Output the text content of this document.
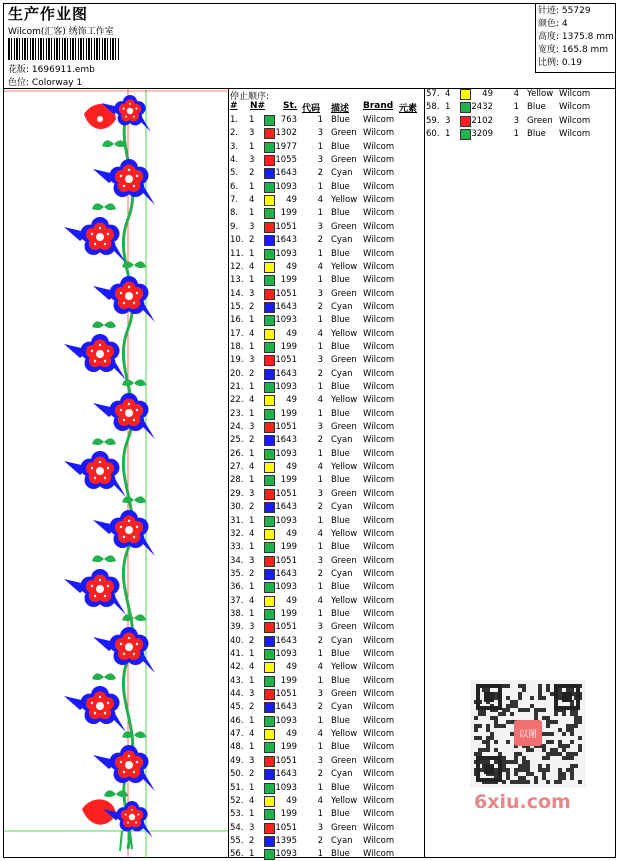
生产作业图
Wilcom(汇客) 绣饰工作室
花版: 1696911.emb
色位: Colorway 1
针迹: 55729
颜色: 4
高度: 1375.8 mm
宽度: 165.8 mm
比例: 0.19
停止顺序:
# N# St. 代码 描述 Brand 元素
1. 1	763	1 Blue Wilcom
2. 3 1302	3 Green Wilcom
3. 1 1977	1 Blue Wilcom
4. 3 1055	3 Green Wilcom
5. 2 1643	2 Cyan Wilcom
6. 1 1093	1 Blue Wilcom
7. 4	49	4 Yellow Wilcom
8. 1	199	1 Blue Wilcom
9. 3 1051	3 Green Wilcom
10. 2 1643	2 Cyan Wilcom
11. 1 1093	1 Blue Wilcom
12. 4	49	4 Yellow Wilcom
13. 1	199	1 Blue Wilcom
14. 3 1051	3 Green Wilcom
15. 2 1643	2 Cyan Wilcom
16. 1 1093	1 Blue Wilcom
17. 4	49	4 Yellow Wilcom
18. 1	199	1 Blue Wilcom
19. 3 1051	3 Green Wilcom
20. 2 1643	2 Cyan Wilcom
21. 1 1093	1 Blue Wilcom
22. 4	49	4 Yellow Wilcom
23. 1	199	1 Blue Wilcom
24. 3 1051	3 Green Wilcom
25. 2 1643	2 Cyan Wilcom
26. 1 1093	1 Blue Wilcom
27. 4	49	4 Yellow Wilcom
28. 1	199	1 Blue Wilcom
29. 3 1051	3 Green Wilcom
30. 2 1643	2 Cyan Wilcom
31. 1 1093	1 Blue Wilcom
32. 4	49	4 Yellow Wilcom
33. 1	199	1 Blue Wilcom
34. 3 1051	3 Green Wilcom
35. 2 1643	2 Cyan Wilcom
36. 1 1093	1 Blue Wilcom
37. 4	49	4 Yellow Wilcom
38. 1	199	1 Blue Wilcom
39. 3 1051	3 Green Wilcom
40. 2 1643	2 Cyan Wilcom
41. 1 1093	1 Blue Wilcom
42. 4	49	4 Yellow Wilcom
43. 1	199	1 Blue Wilcom
44. 3 1051	3 Green Wilcom
45. 2 1643	2 Cyan Wilcom
46. 1 1093	1 Blue Wilcom
47. 4	49	4 Yellow Wilcom
48. 1	199	1 Blue Wilcom
49. 3 1051	3 Green Wilcom
50. 2 1643	2 Cyan Wilcom
51. 1 1093	1 Blue Wilcom
52. 4	49	4 Yellow Wilcom
53. 1	199	1 Blue Wilcom
54. 3 1051	3 Green Wilcom
55. 2 1395	2 Cyan Wilcom
56. 1 1093	1 Blue Wilcom
57. 4	49	4 Yellow Wilcom
58. 1 2432	1 Blue Wilcom
59. 3 2102	3 Green Wilcom
60. 1 3209	1 Blue Wilcom
以图
6xiu.com
